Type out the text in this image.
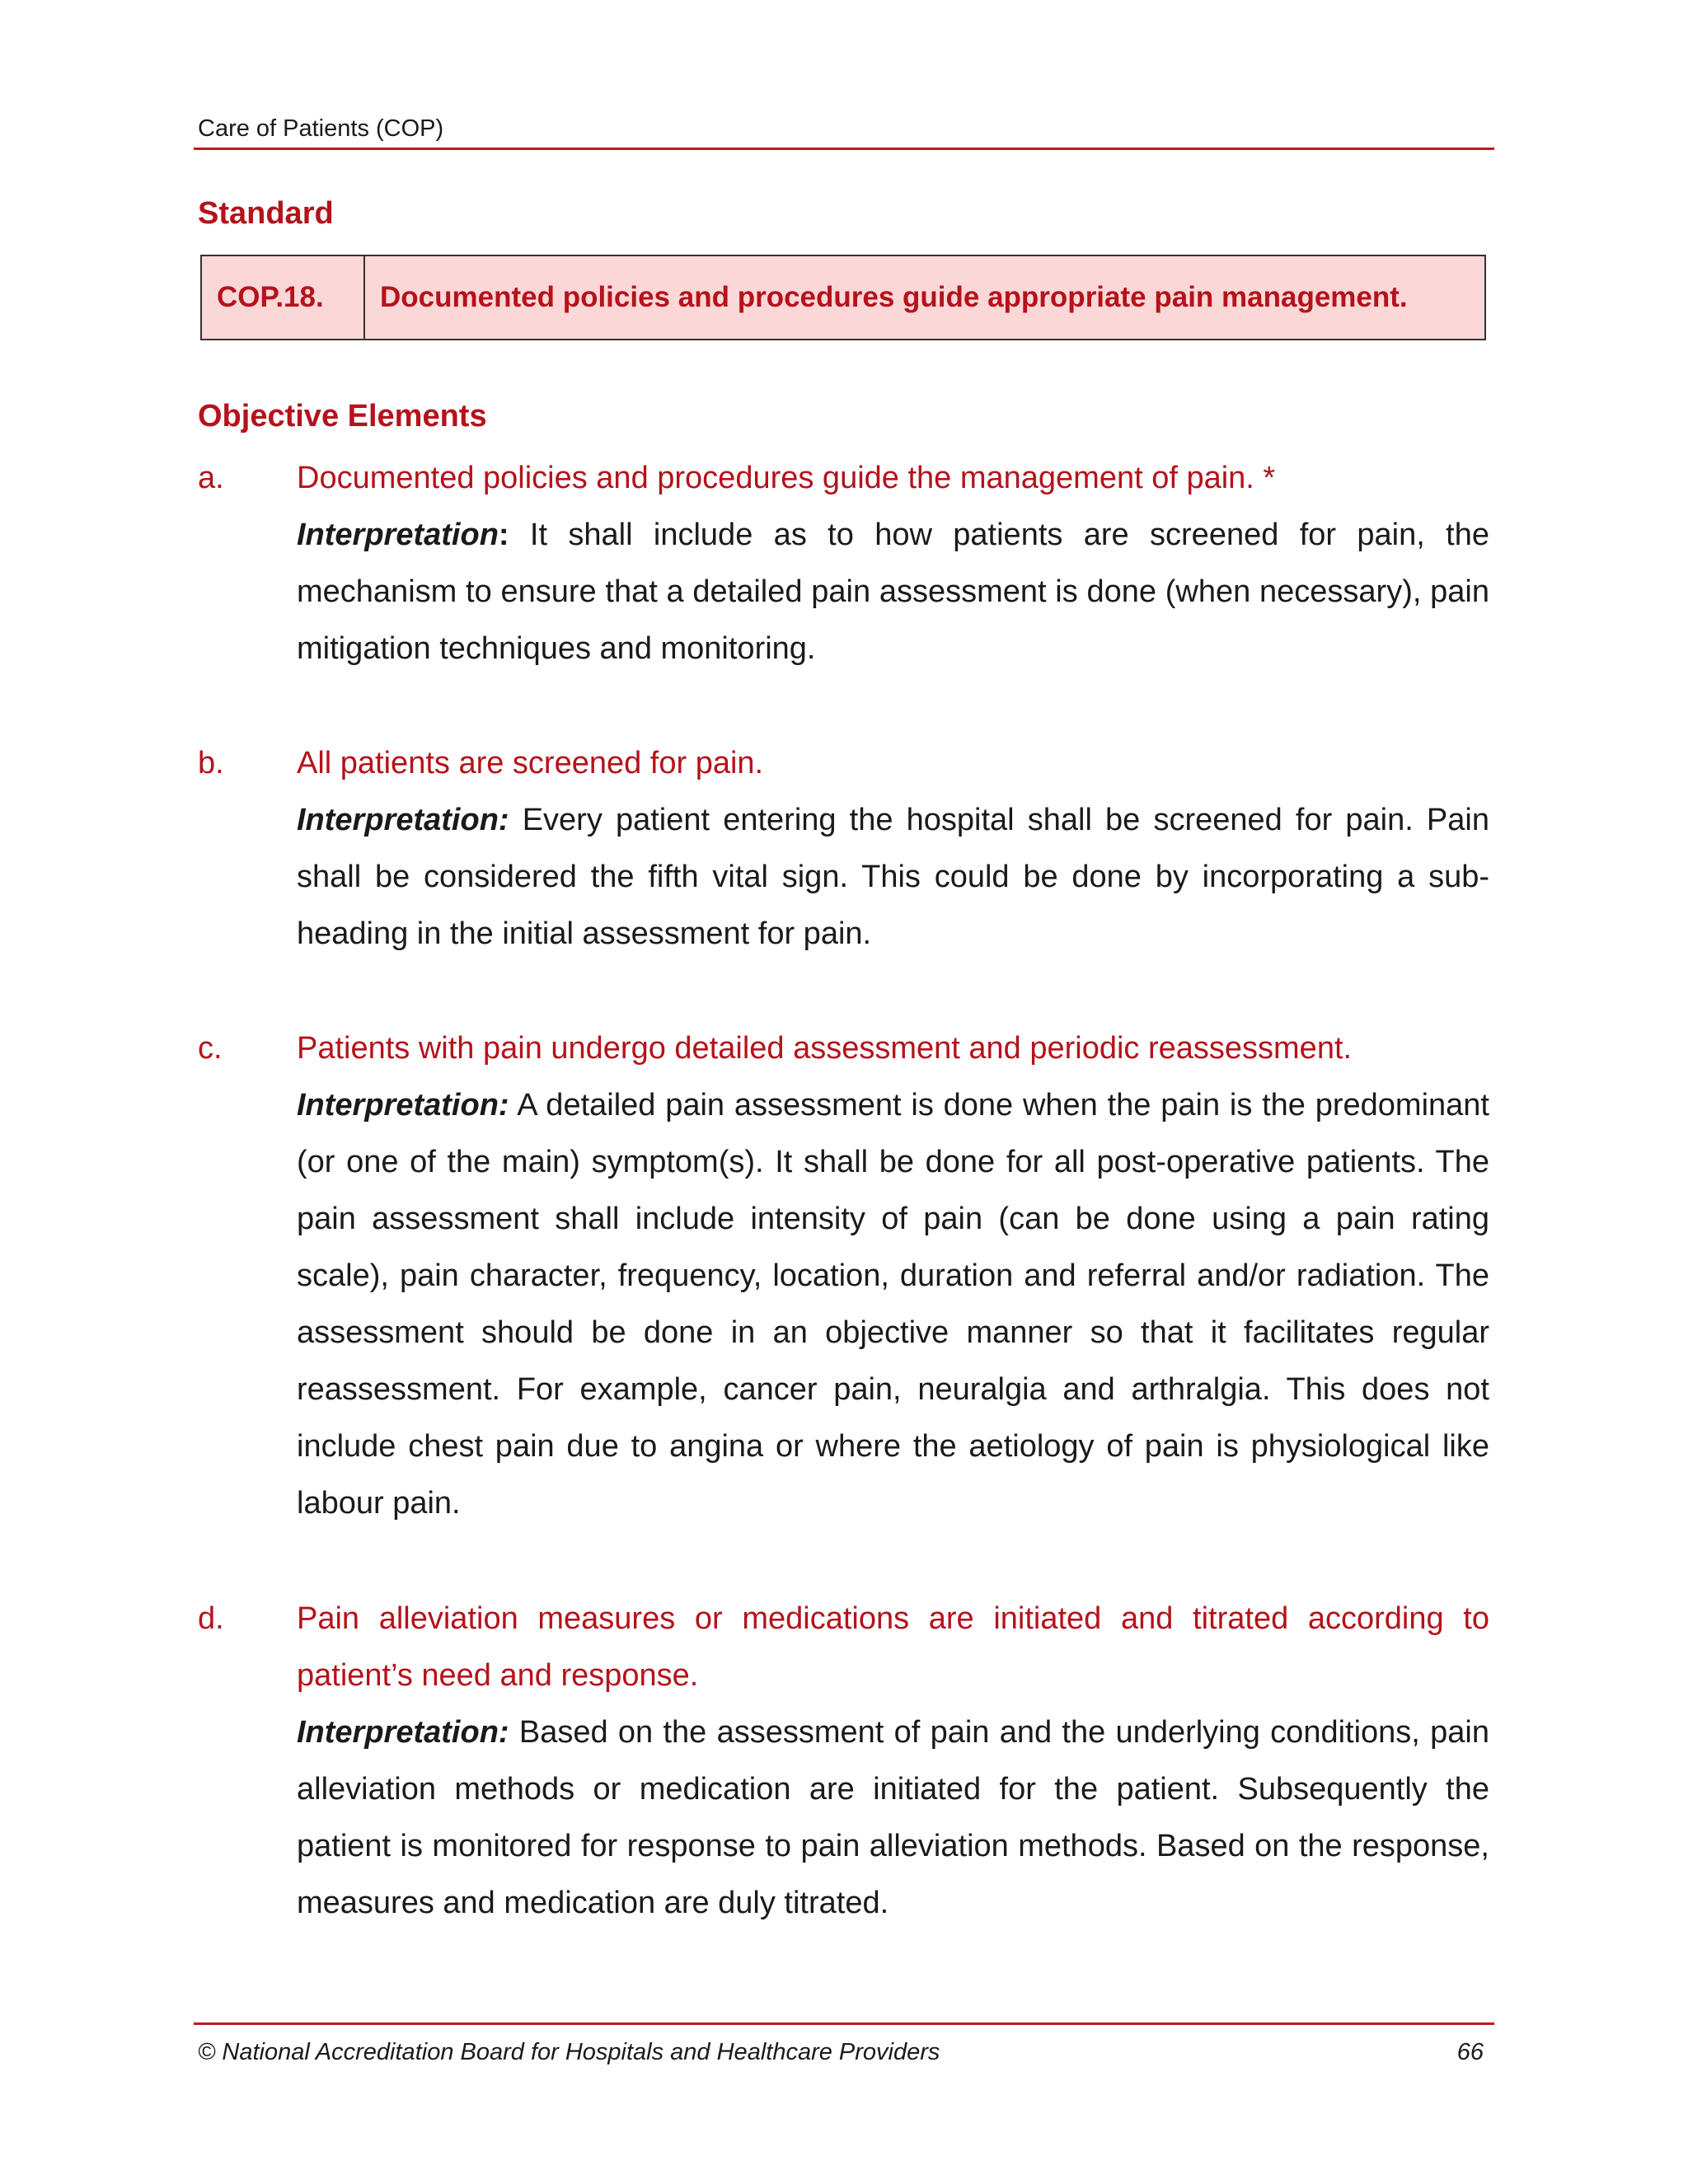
Care of Patients (COP)
Standard
COP.18.	Documented policies and procedures guide appropriate pain management.
Objective Elements
a. Documented policies and procedures guide the management of pain. *
Interpretation: It shall include as to how patients are screened for pain, the mechanism to ensure that a detailed pain assessment is done (when necessary), pain mitigation techniques and monitoring.
b. All patients are screened for pain.
Interpretation: Every patient entering the hospital shall be screened for pain. Pain shall be considered the fifth vital sign. This could be done by incorporating a sub-heading in the initial assessment for pain.
c. Patients with pain undergo detailed assessment and periodic reassessment.
Interpretation: A detailed pain assessment is done when the pain is the predominant (or one of the main) symptom(s). It shall be done for all post-operative patients. The pain assessment shall include intensity of pain (can be done using a pain rating scale), pain character, frequency, location, duration and referral and/or radiation. The assessment should be done in an objective manner so that it facilitates regular reassessment. For example, cancer pain, neuralgia and arthralgia. This does not include chest pain due to angina or where the aetiology of pain is physiological like labour pain.
d. Pain alleviation measures or medications are initiated and titrated according to patient’s need and response.
Interpretation: Based on the assessment of pain and the underlying conditions, pain alleviation methods or medication are initiated for the patient. Subsequently the patient is monitored for response to pain alleviation methods. Based on the response, measures and medication are duly titrated.
© National Accreditation Board for Hospitals and Healthcare Providers	66
